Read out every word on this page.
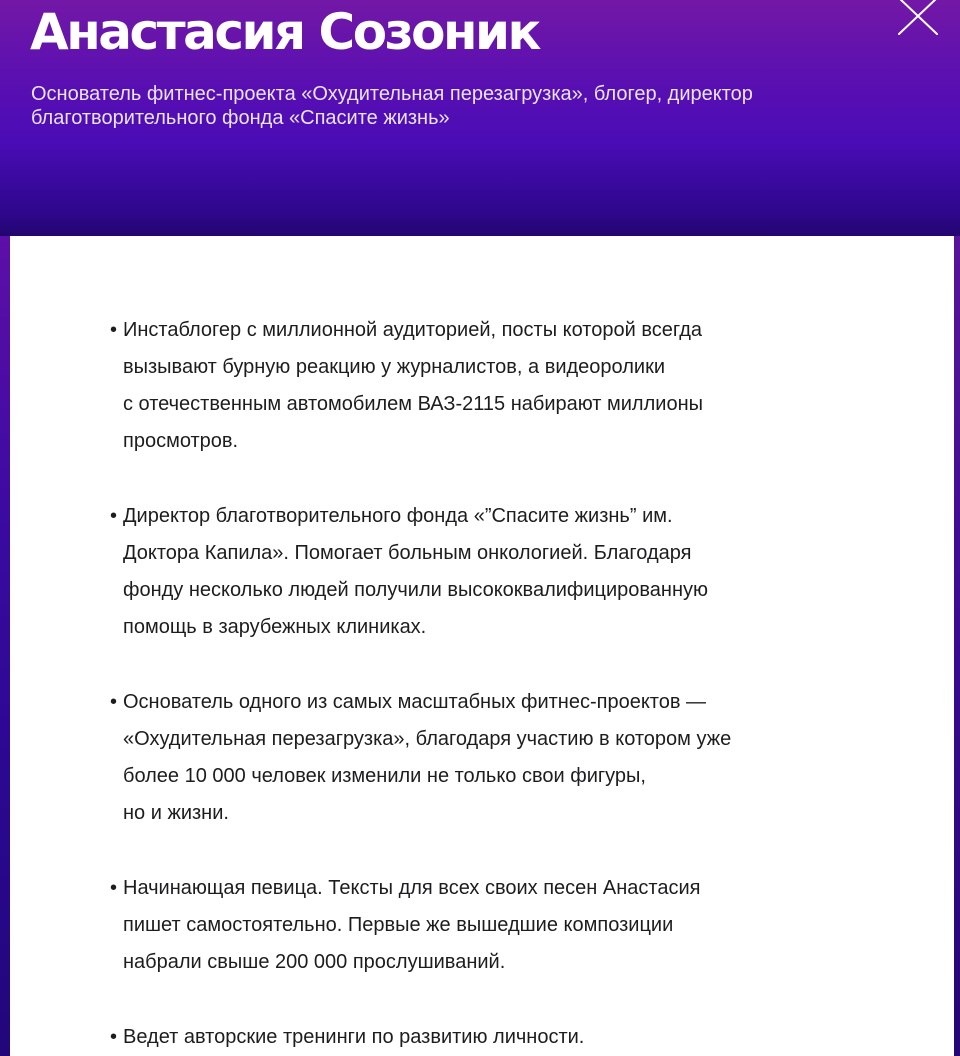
Анастасия Созоник

Основатель фитнес-проекта «Охудительная перезагрузка», блогер, директор благотворительного фонда «Спасите жизнь»

• Инстаблогер с миллионной аудиторией, посты которой всегда
вызывают бурную реакцию у журналистов, а видеоролики
с отечественным автомобилем ВАЗ-2115 набирают миллионы
просмотров.
• Директор благотворительного фонда «”Спасите жизнь” им.
Доктора Капила». Помогает больным онкологией. Благодаря
фонду несколько людей получили высококвалифицированную
помощь в зарубежных клиниках.
• Основатель одного из самых масштабных фитнес-проектов —
«Охудительная перезагрузка», благодаря участию в котором уже
более 10 000 человек изменили не только свои фигуры,
но и жизни.
• Начинающая певица. Тексты для всех своих песен Анастасия
пишет самостоятельно. Первые же вышедшие композиции
набрали свыше 200 000 прослушиваний.
• Ведет авторские тренинги по развитию личности.
